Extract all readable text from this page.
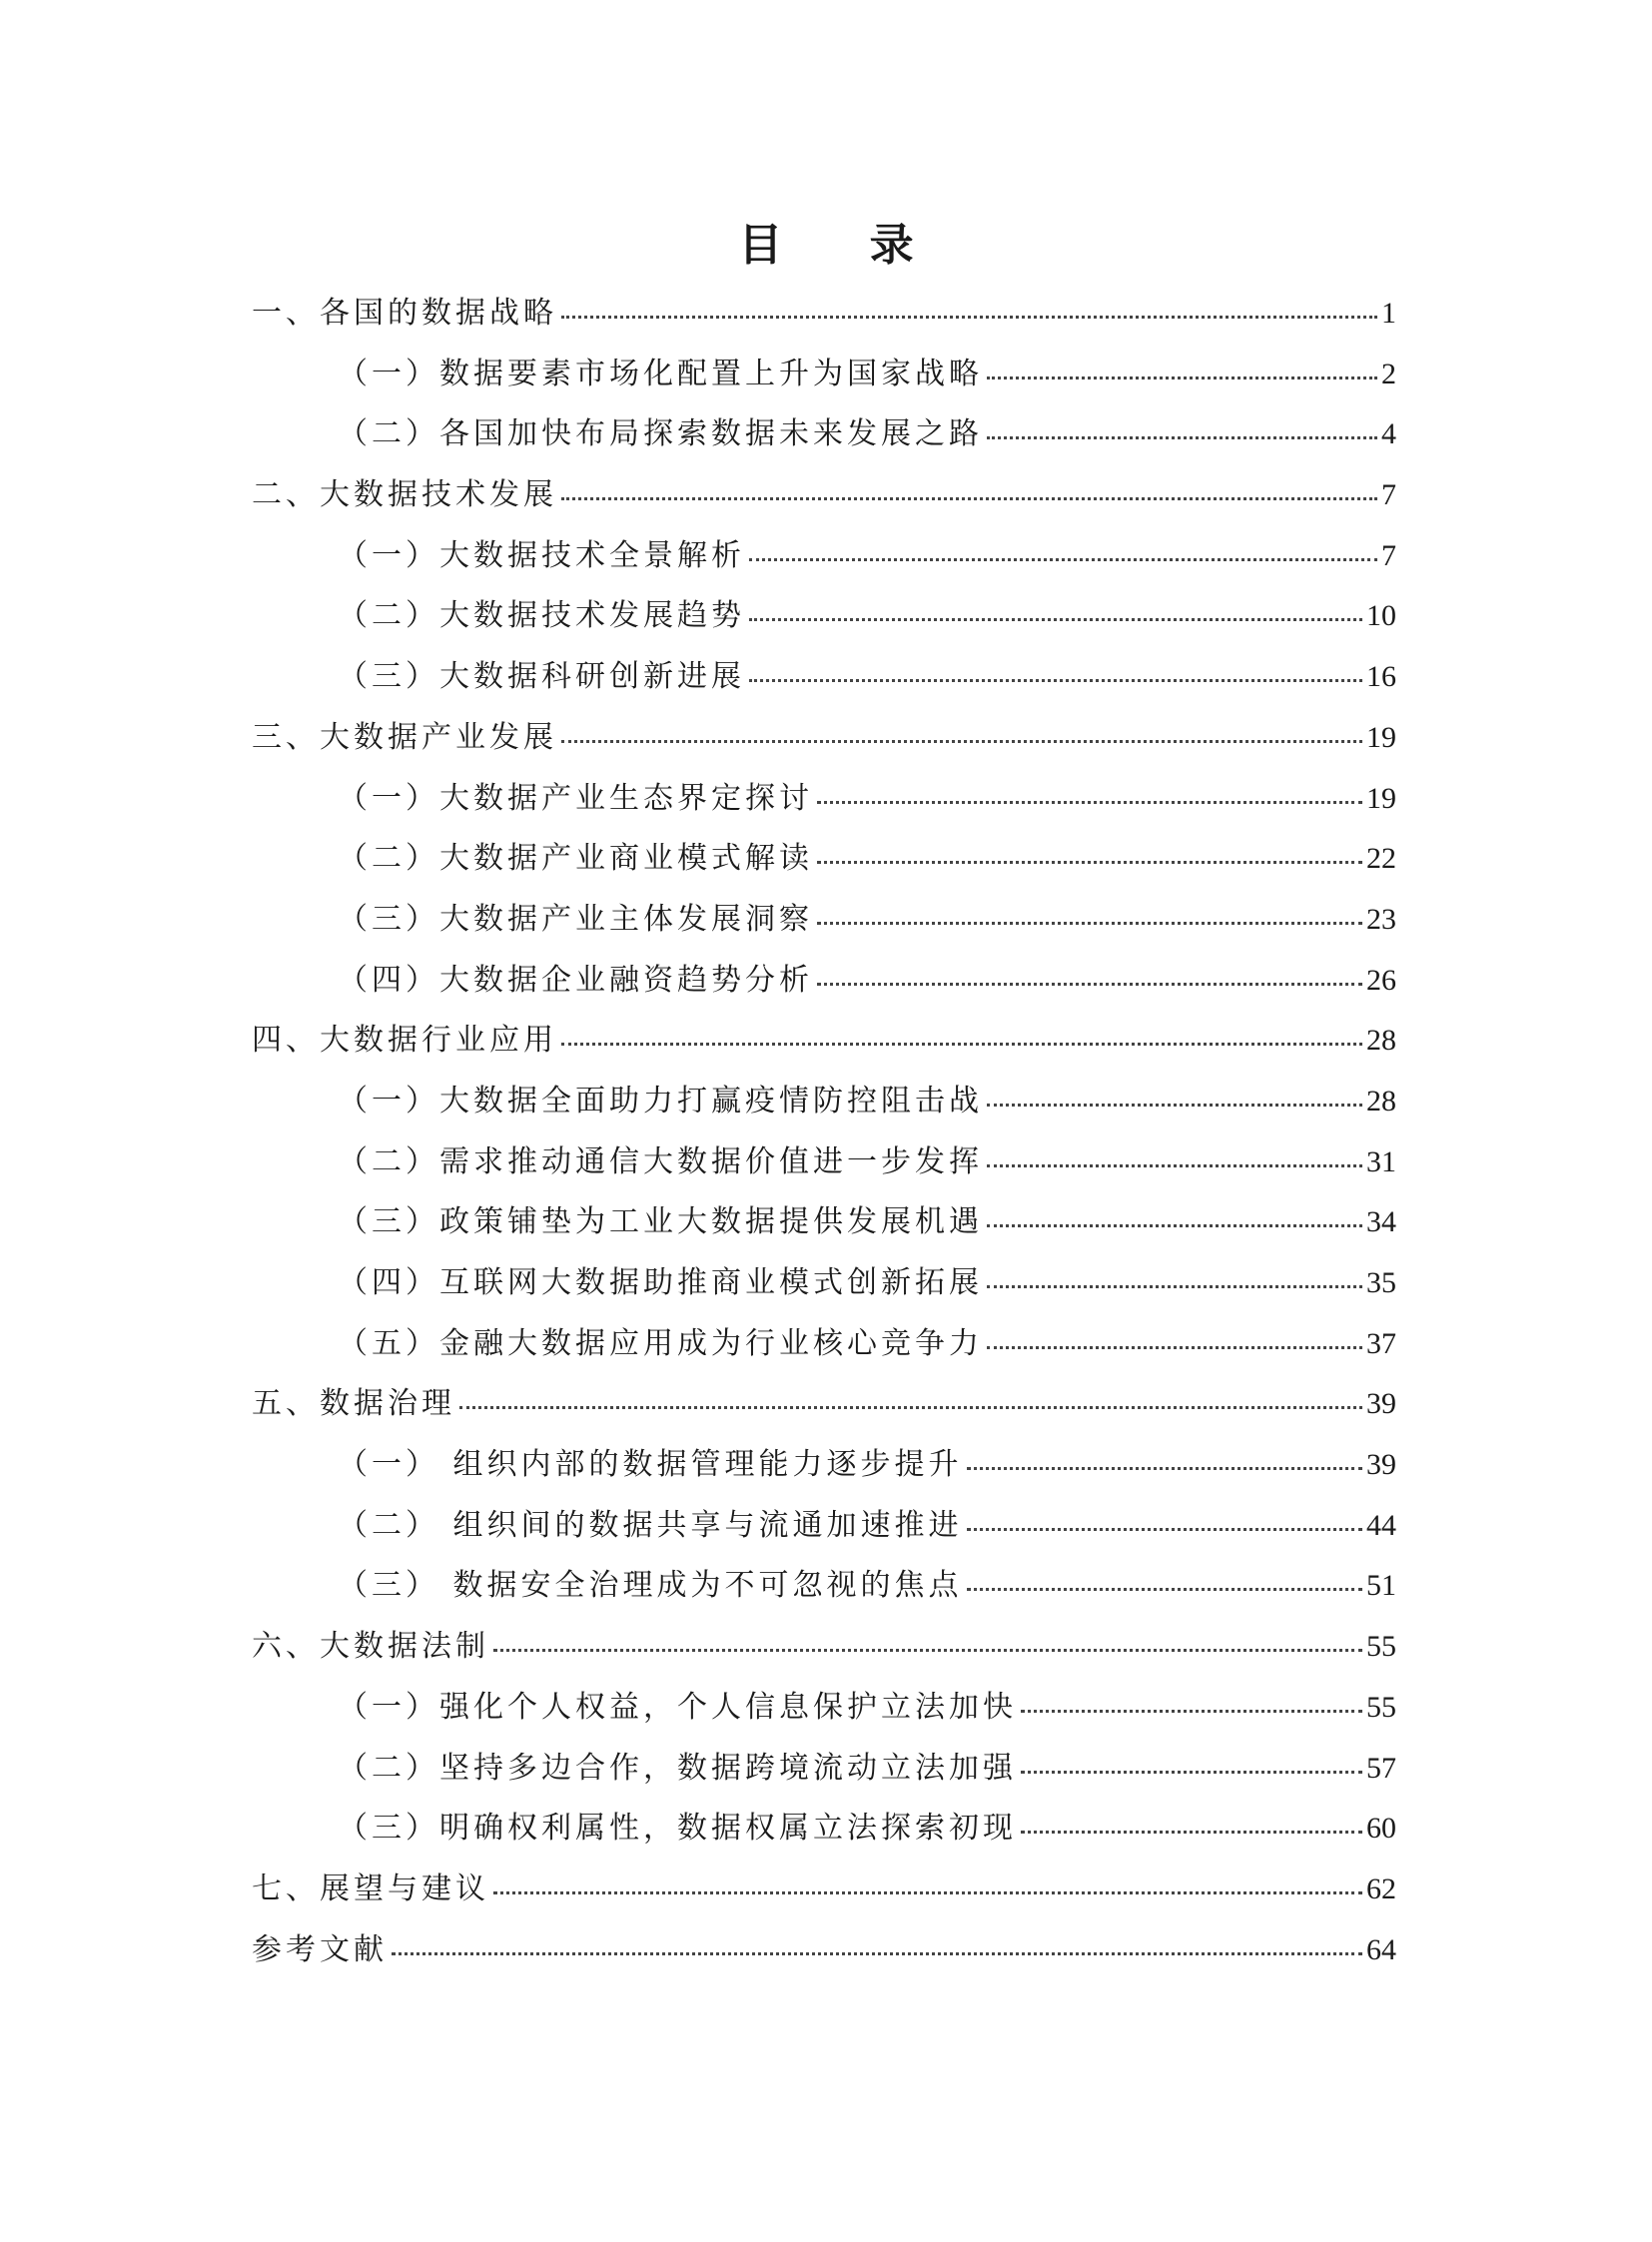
目 录
一、各国的数据战略	1
（一）数据要素市场化配置上升为国家战略	2
（二）各国加快布局探索数据未来发展之路	4
二、大数据技术发展	7
（一）大数据技术全景解析	7
（二）大数据技术发展趋势	10
（三）大数据科研创新进展	16
三、大数据产业发展	19
（一）大数据产业生态界定探讨	19
（二）大数据产业商业模式解读	22
（三）大数据产业主体发展洞察	23
（四）大数据企业融资趋势分析	26
四、大数据行业应用	28
（一）大数据全面助力打赢疫情防控阻击战	28
（二）需求推动通信大数据价值进一步发挥	31
（三）政策铺垫为工业大数据提供发展机遇	34
（四）互联网大数据助推商业模式创新拓展	35
（五）金融大数据应用成为行业核心竞争力	37
五、数据治理	39
（一） 组织内部的数据管理能力逐步提升	39
（二） 组织间的数据共享与流通加速推进	44
（三） 数据安全治理成为不可忽视的焦点	51
六、大数据法制	55
（一）强化个人权益，个人信息保护立法加快	55
（二）坚持多边合作，数据跨境流动立法加强	57
（三）明确权利属性，数据权属立法探索初现	60
七、展望与建议	62
参考文献	64
